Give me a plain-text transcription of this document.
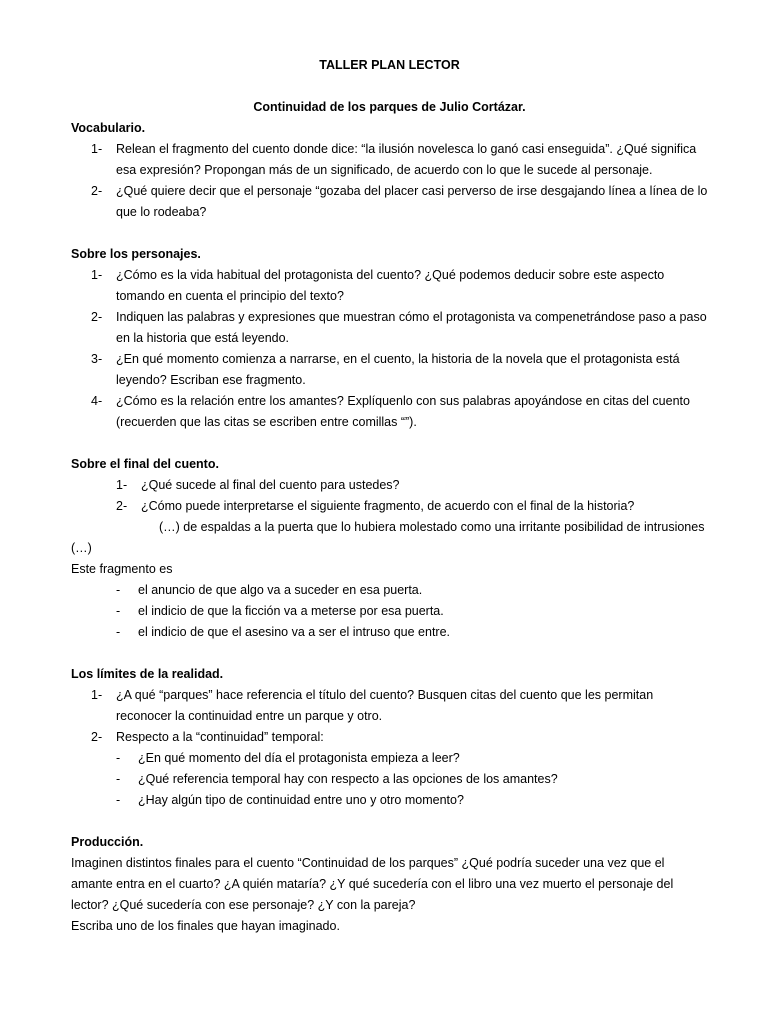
TALLER PLAN LECTOR

Continuidad de los parques de Julio Cortázar.

Vocabulario.
1-	Relean el fragmento del cuento donde dice: “la ilusión novelesca lo ganó casi enseguida”. ¿Qué significa esa expresión? Propongan más de un significado, de acuerdo con lo que le sucede al personaje.
2-	¿Qué quiere decir que el personaje “gozaba del placer casi perverso de irse desgajando línea a línea de lo que lo rodeaba?
Sobre los personajes.
1-	¿Cómo es la vida habitual del protagonista del cuento? ¿Qué podemos deducir sobre este aspecto tomando en cuenta el principio del texto?
2-	Indiquen las palabras y expresiones que muestran cómo el protagonista va compenetrándose paso a paso en la historia que está leyendo.
3-	¿En qué momento comienza a narrarse, en el cuento, la historia de la novela que el protagonista está leyendo? Escriban ese fragmento.
4-	¿Cómo es la relación entre los amantes? Explíquenlo con sus palabras apoyándose en citas del cuento (recuerden que las citas se escriben entre comillas “”).
Sobre el final del cuento.
1-	¿Qué sucede al final del cuento para ustedes?
2-	¿Cómo puede interpretarse el siguiente fragmento, de acuerdo con el final de la historia?
(…) de espaldas a la puerta que lo hubiera molestado como una irritante posibilidad de intrusiones (…)
Este fragmento es
-	el anuncio de que algo va a suceder en esa puerta.
-	el indicio de que la ficción va a meterse por esa puerta.
-	el indicio de que el asesino va a ser el intruso que entre.
Los límites de la realidad.
1-	¿A qué “parques” hace referencia el título del cuento? Busquen citas del cuento que les permitan reconocer la continuidad entre un parque y otro.
2-	Respecto a la “continuidad” temporal:
-	¿En qué momento del día el protagonista empieza a leer?
-	¿Qué referencia temporal hay con respecto a las opciones de los amantes?
-	¿Hay algún tipo de continuidad entre uno y otro momento?
Producción.
Imaginen distintos finales para el cuento “Continuidad de los parques” ¿Qué podría suceder una vez que el amante entra en el cuarto? ¿A quién mataría? ¿Y qué sucedería con el libro una vez muerto el personaje del lector? ¿Qué sucedería con ese personaje? ¿Y con la pareja?
Escriba uno de los finales que hayan imaginado.
